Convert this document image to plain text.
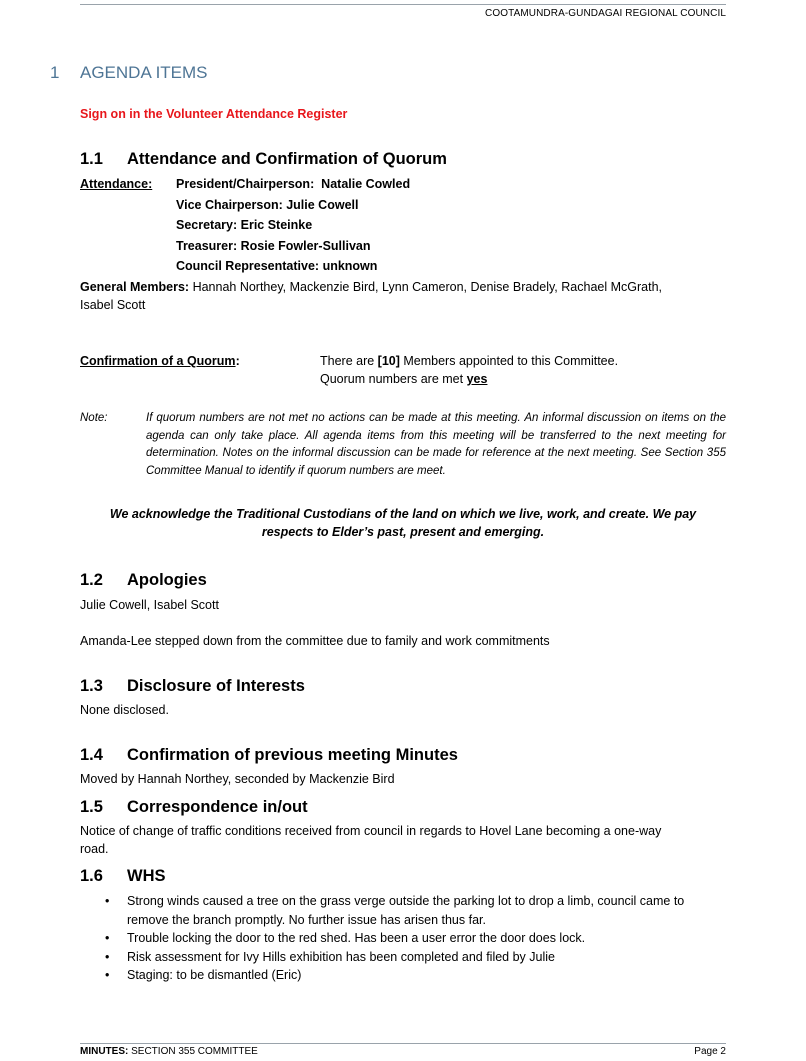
COOTAMUNDRA-GUNDAGAI REGIONAL COUNCIL
1 AGENDA ITEMS
Sign on in the Volunteer Attendance Register
1.1 Attendance and Confirmation of Quorum
Attendance: President/Chairperson:  Natalie Cowled
Vice Chairperson: Julie Cowell
Secretary: Eric Steinke
Treasurer: Rosie Fowler-Sullivan
Council Representative: unknown
General Members: Hannah Northey, Mackenzie Bird, Lynn Cameron, Denise Bradely, Rachael McGrath,
Isabel Scott
Confirmation of a Quorum:	There are [10] Members appointed to this Committee.
Quorum numbers are met yes
Note:	If quorum numbers are not met no actions can be made at this meeting. An informal discussion on items on the agenda can only take place. All agenda items from this meeting will be transferred to the next meeting for determination. Notes on the informal discussion can be made for reference at the next meeting. See Section 355 Committee Manual to identify if quorum numbers are meet.
We acknowledge the Traditional Custodians of the land on which we live, work, and create. We pay
respects to Elder’s past, present and emerging.
1.2 Apologies
Julie Cowell, Isabel Scott
Amanda-Lee stepped down from the committee due to family and work commitments
1.3 Disclosure of Interests
None disclosed.
1.4 Confirmation of previous meeting Minutes
Moved by Hannah Northey, seconded by Mackenzie Bird
1.5 Correspondence in/out
Notice of change of traffic conditions received from council in regards to Hovel Lane becoming a one-way
road.
1.6 WHS
• Strong winds caused a tree on the grass verge outside the parking lot to drop a limb, council came to remove the branch promptly. No further issue has arisen thus far.
• Trouble locking the door to the red shed. Has been a user error the door does lock.
• Risk assessment for Ivy Hills exhibition has been completed and filed by Julie
• Staging: to be dismantled (Eric)
MINUTES: SECTION 355 COMMITTEE	Page 2
